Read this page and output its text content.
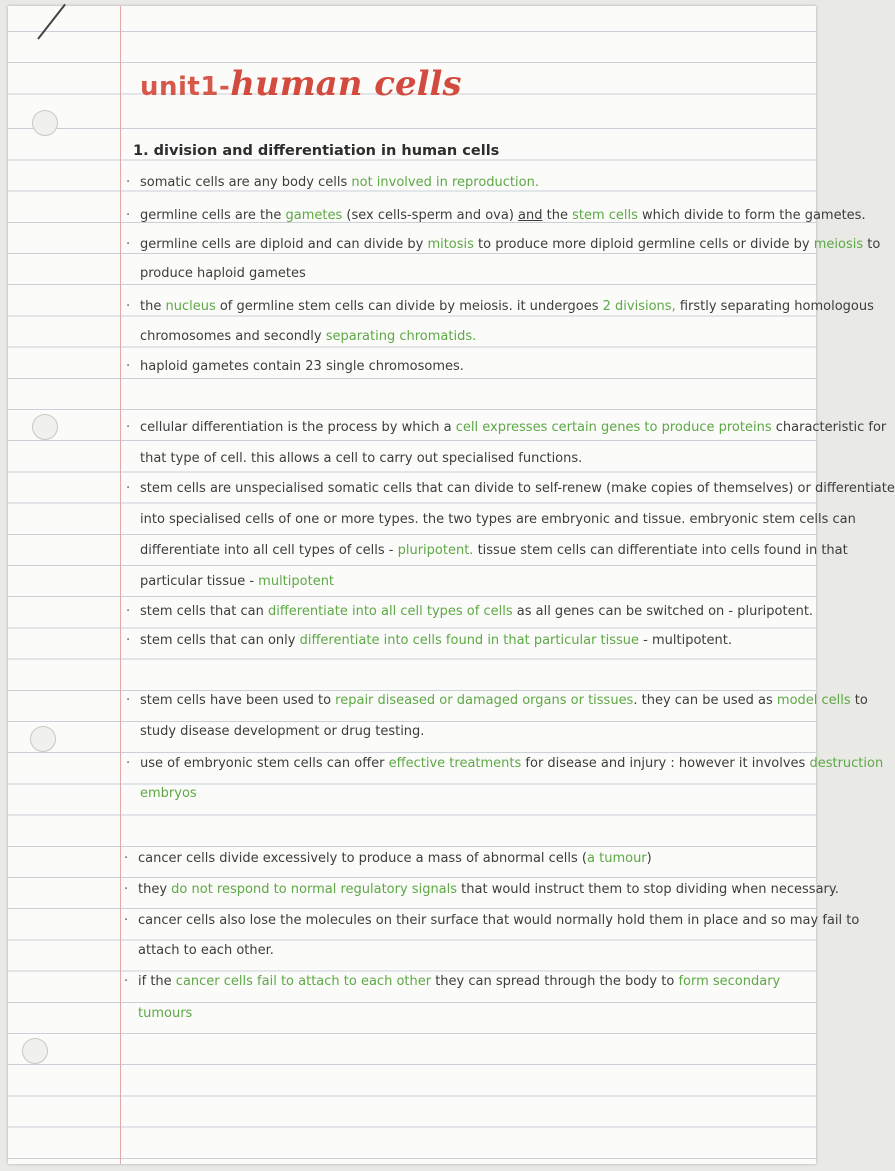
unit1-human cells
1. division and differentiation in human cells
· somatic cells are any body cells not involved in reproduction.
· germline cells are the gametes (sex cells-sperm and ova) and the stem cells which divide to form the gametes.
· germline cells are diploid and can divide by mitosis to produce more diploid germline cells or divide by meiosis to
produce haploid gametes
· the nucleus of germline stem cells can divide by meiosis. it undergoes 2 divisions, firstly separating homologous
chromosomes and secondly separating chromatids.
· haploid gametes contain 23 single chromosomes.
· cellular differentiation is the process by which a cell expresses certain genes to produce proteins characteristic for
that type of cell. this allows a cell to carry out specialised functions.
· stem cells are unspecialised somatic cells that can divide to self-renew (make copies of themselves) or differentiate
into specialised cells of one or more types. the two types are embryonic and tissue. embryonic stem cells can
differentiate into all cell types of cells - pluripotent. tissue stem cells can differentiate into cells found in that
particular tissue - multipotent
· stem cells that can differentiate into all cell types of cells as all genes can be switched on - pluripotent.
· stem cells that can only differentiate into cells found in that particular tissue - multipotent.
· stem cells have been used to repair diseased or damaged organs or tissues. they can be used as model cells to
study disease development or drug testing.
· use of embryonic stem cells can offer effective treatments for disease and injury : however it involves destruction
embryos
· cancer cells divide excessively to produce a mass of abnormal cells (a tumour)
· they do not respond to normal regulatory signals that would instruct them to stop dividing when necessary.
· cancer cells also lose the molecules on their surface that would normally hold them in place and so may fail to
attach to each other.
· if the cancer cells fail to attach to each other they can spread through the body to form secondary
tumours
